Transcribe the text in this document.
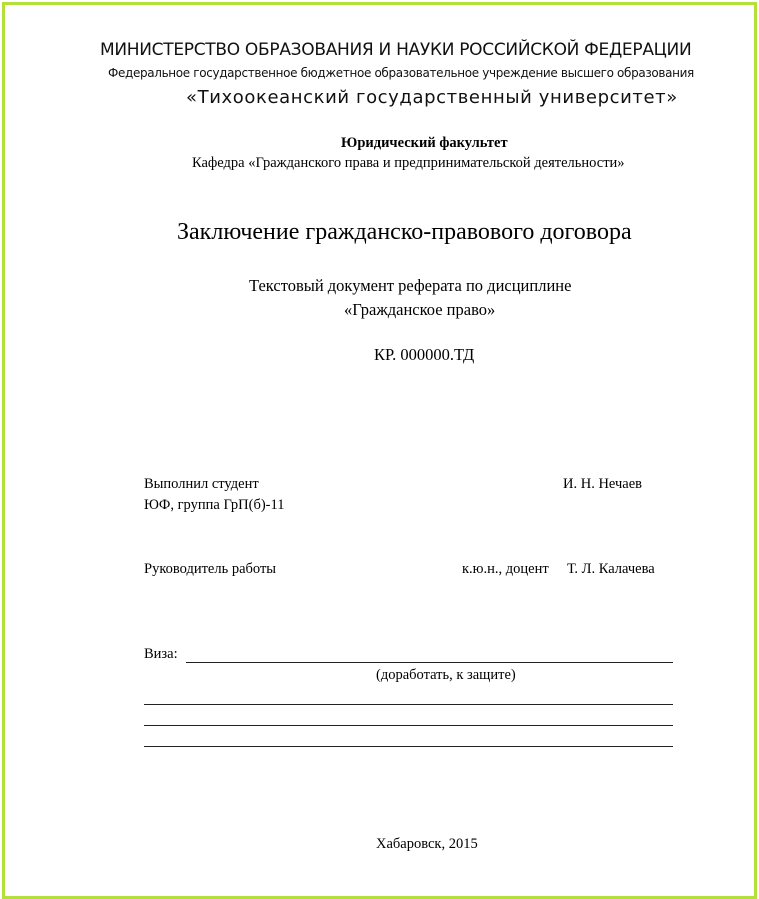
МИНИСТЕРСТВО ОБРАЗОВАНИЯ И НАУКИ РОССИЙСКОЙ ФЕДЕРАЦИИ
Федеральное государственное бюджетное образовательное учреждение высшего образования
«Тихоокеанский государственный университет»
Юридический факультет
Кафедра «Гражданского права и предпринимательской деятельности»
Заключение гражданско-правового договора
Текстовый документ реферата по дисциплине
«Гражданское право»
КР. 000000.ТД
Выполнил студент	И. Н. Нечаев
ЮФ, группа ГрП(б)-11
Руководитель работы	к.ю.н., доцент Т. Л. Калачева
Виза:
(доработать, к защите)
Хабаровск, 2015
